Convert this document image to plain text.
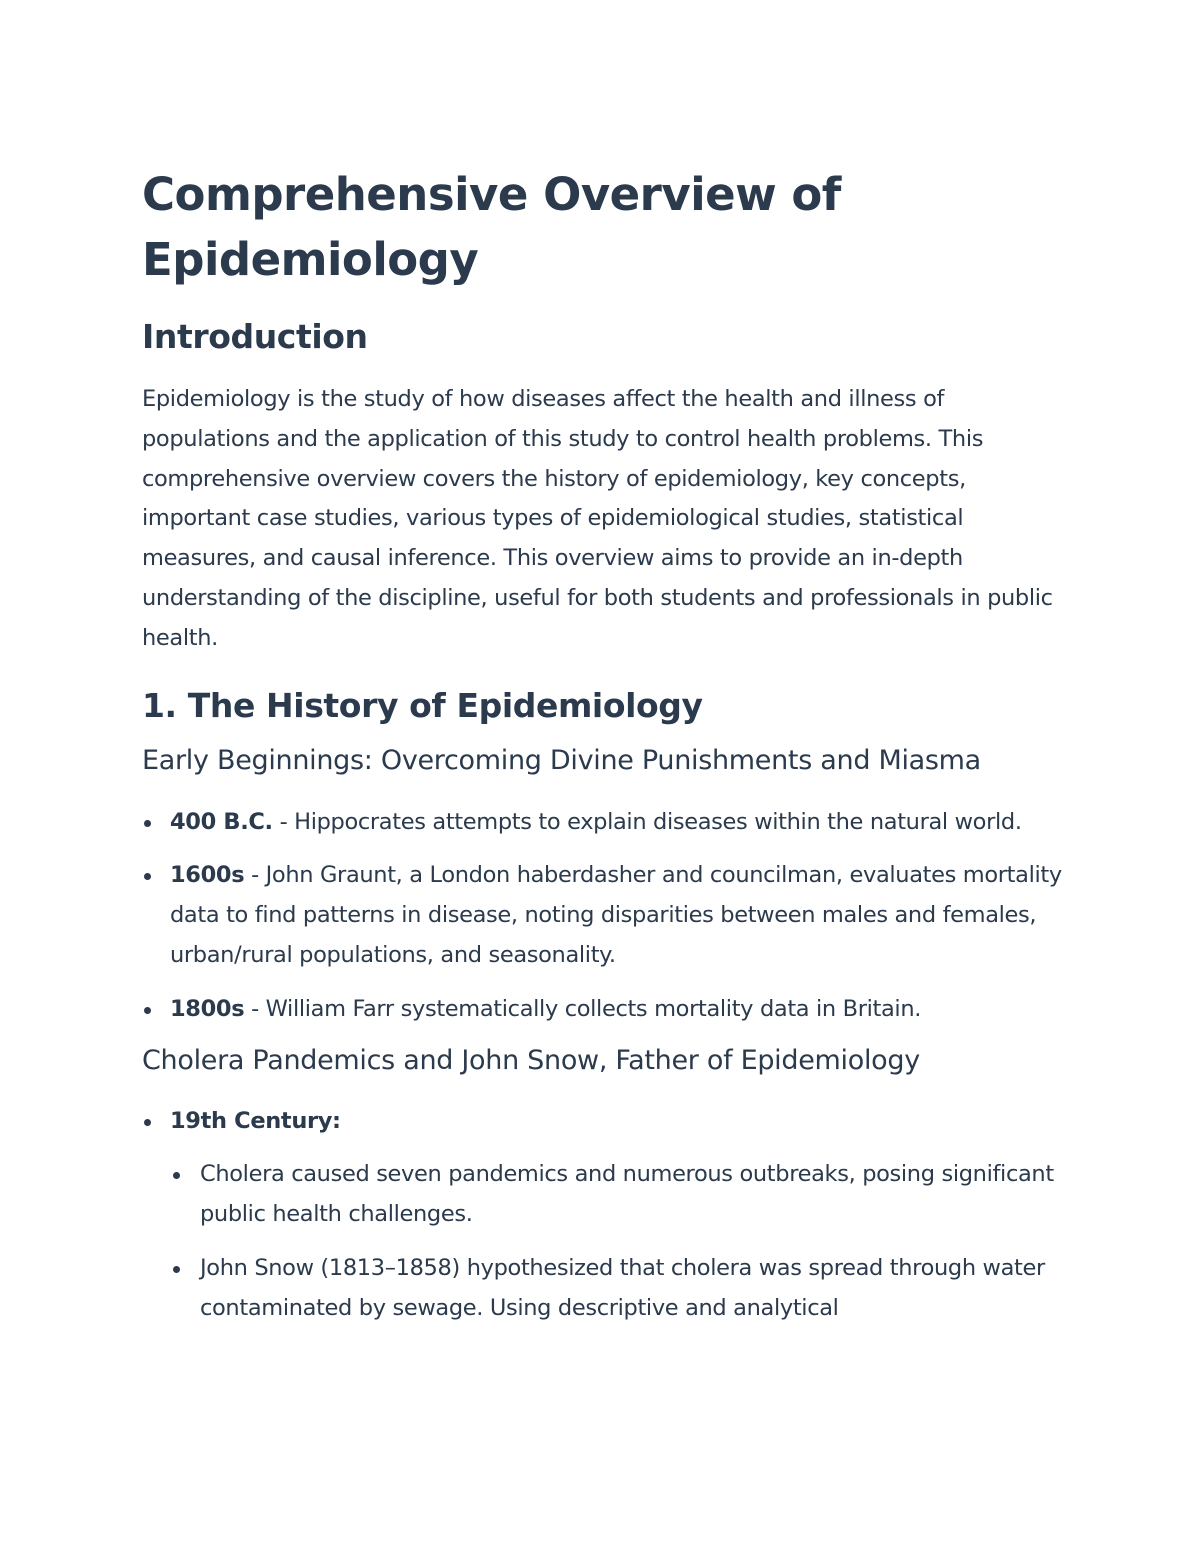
Comprehensive Overview of Epidemiology
Introduction

Epidemiology is the study of how diseases affect the health and illness of populations and the application of this study to control health problems. This comprehensive overview covers the history of epidemiology, key concepts, important case studies, various types of epidemiological studies, statistical measures, and causal inference. This overview aims to provide an in-depth understanding of the discipline, useful for both students and professionals in public health.

1. The History of Epidemiology
Early Beginnings: Overcoming Divine Punishments and Miasma
400 B.C. - Hippocrates attempts to explain diseases within the natural world.
1600s - John Graunt, a London haberdasher and councilman, evaluates mortality data to find patterns in disease, noting disparities between males and females, urban/rural populations, and seasonality.
1800s - William Farr systematically collects mortality data in Britain.
Cholera Pandemics and John Snow, Father of Epidemiology
19th Century:
Cholera caused seven pandemics and numerous outbreaks, posing significant public health challenges.
John Snow (1813–1858) hypothesized that cholera was spread through water contaminated by sewage. Using descriptive and analytical
